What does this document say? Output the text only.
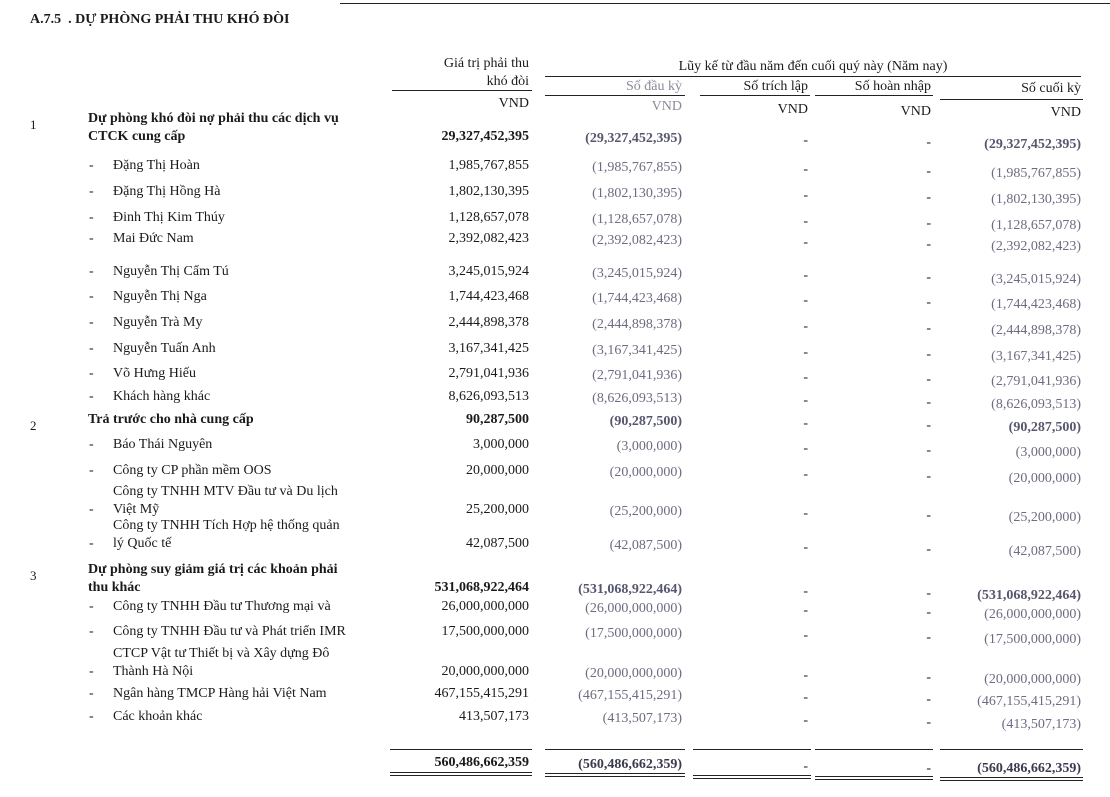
A.7.5 . DỰ PHÒNG PHẢI THU KHÓ ĐÒI
Giá trị phải thu
khó đòi
Lũy kế từ đầu năm đến cuối quý này (Năm nay)
Số đầu kỳ	Số trích lập	Số hoàn nhập	Số cuối kỳ
VND	VND	VND	VND	VND
1	Dự phòng khó đòi nợ phải thu các dịch vụ
CTCK cung cấp	29,327,452,395	(29,327,452,395)	-	-	(29,327,452,395)
- Đặng Thị Hoàn	1,985,767,855	(1,985,767,855)	-	-	(1,985,767,855)
- Đặng Thị Hồng Hà	1,802,130,395	(1,802,130,395)	-	-	(1,802,130,395)
- Đinh Thị Kim Thúy	1,128,657,078	(1,128,657,078)	-	-	(1,128,657,078)
- Mai Đức Nam	2,392,082,423	(2,392,082,423)	-	-	(2,392,082,423)
- Nguyễn Thị Cẩm Tú	3,245,015,924	(3,245,015,924)	-	-	(3,245,015,924)
- Nguyễn Thị Nga	1,744,423,468	(1,744,423,468)	-	-	(1,744,423,468)
- Nguyễn Trà My	2,444,898,378	(2,444,898,378)	-	-	(2,444,898,378)
- Nguyễn Tuấn Anh	3,167,341,425	(3,167,341,425)	-	-	(3,167,341,425)
- Võ Hưng Hiếu	2,791,041,936	(2,791,041,936)	-	-	(2,791,041,936)
- Khách hàng khác	8,626,093,513	(8,626,093,513)	-	-	(8,626,093,513)
2	Trả trước cho nhà cung cấp	90,287,500	(90,287,500)	-	-	(90,287,500)
- Báo Thái Nguyên	3,000,000	(3,000,000)	-	-	(3,000,000)
- Công ty CP phần mềm OOS	20,000,000	(20,000,000)	-	-	(20,000,000)
-
Công ty TNHH MTV Đầu tư và Du lịch
Việt Mỹ	25,200,000	(25,200,000)	-	-	(25,200,000)
-
Công ty TNHH Tích Hợp hệ thống quản
lý Quốc tế	42,087,500	(42,087,500)	-	-	(42,087,500)
3	Dự phòng suy giảm giá trị các khoản phải
thu khác	531,068,922,464	(531,068,922,464)	-	-	(531,068,922,464)
- Công ty TNHH Đầu tư Thương mại và	26,000,000,000	(26,000,000,000)	-	-	(26,000,000,000)
- Công ty TNHH Đầu tư và Phát triển IMR	17,500,000,000	(17,500,000,000)	-	-	(17,500,000,000)
-
CTCP Vật tư Thiết bị và Xây dựng Đô
Thành Hà Nội	20,000,000,000	(20,000,000,000)	-	-	(20,000,000,000)
- Ngân hàng TMCP Hàng hải Việt Nam	467,155,415,291	(467,155,415,291)	-	-	(467,155,415,291)
- Các khoản khác	413,507,173	(413,507,173)	-	-	(413,507,173)
560,486,662,359	(560,486,662,359)	-	-	(560,486,662,359)
